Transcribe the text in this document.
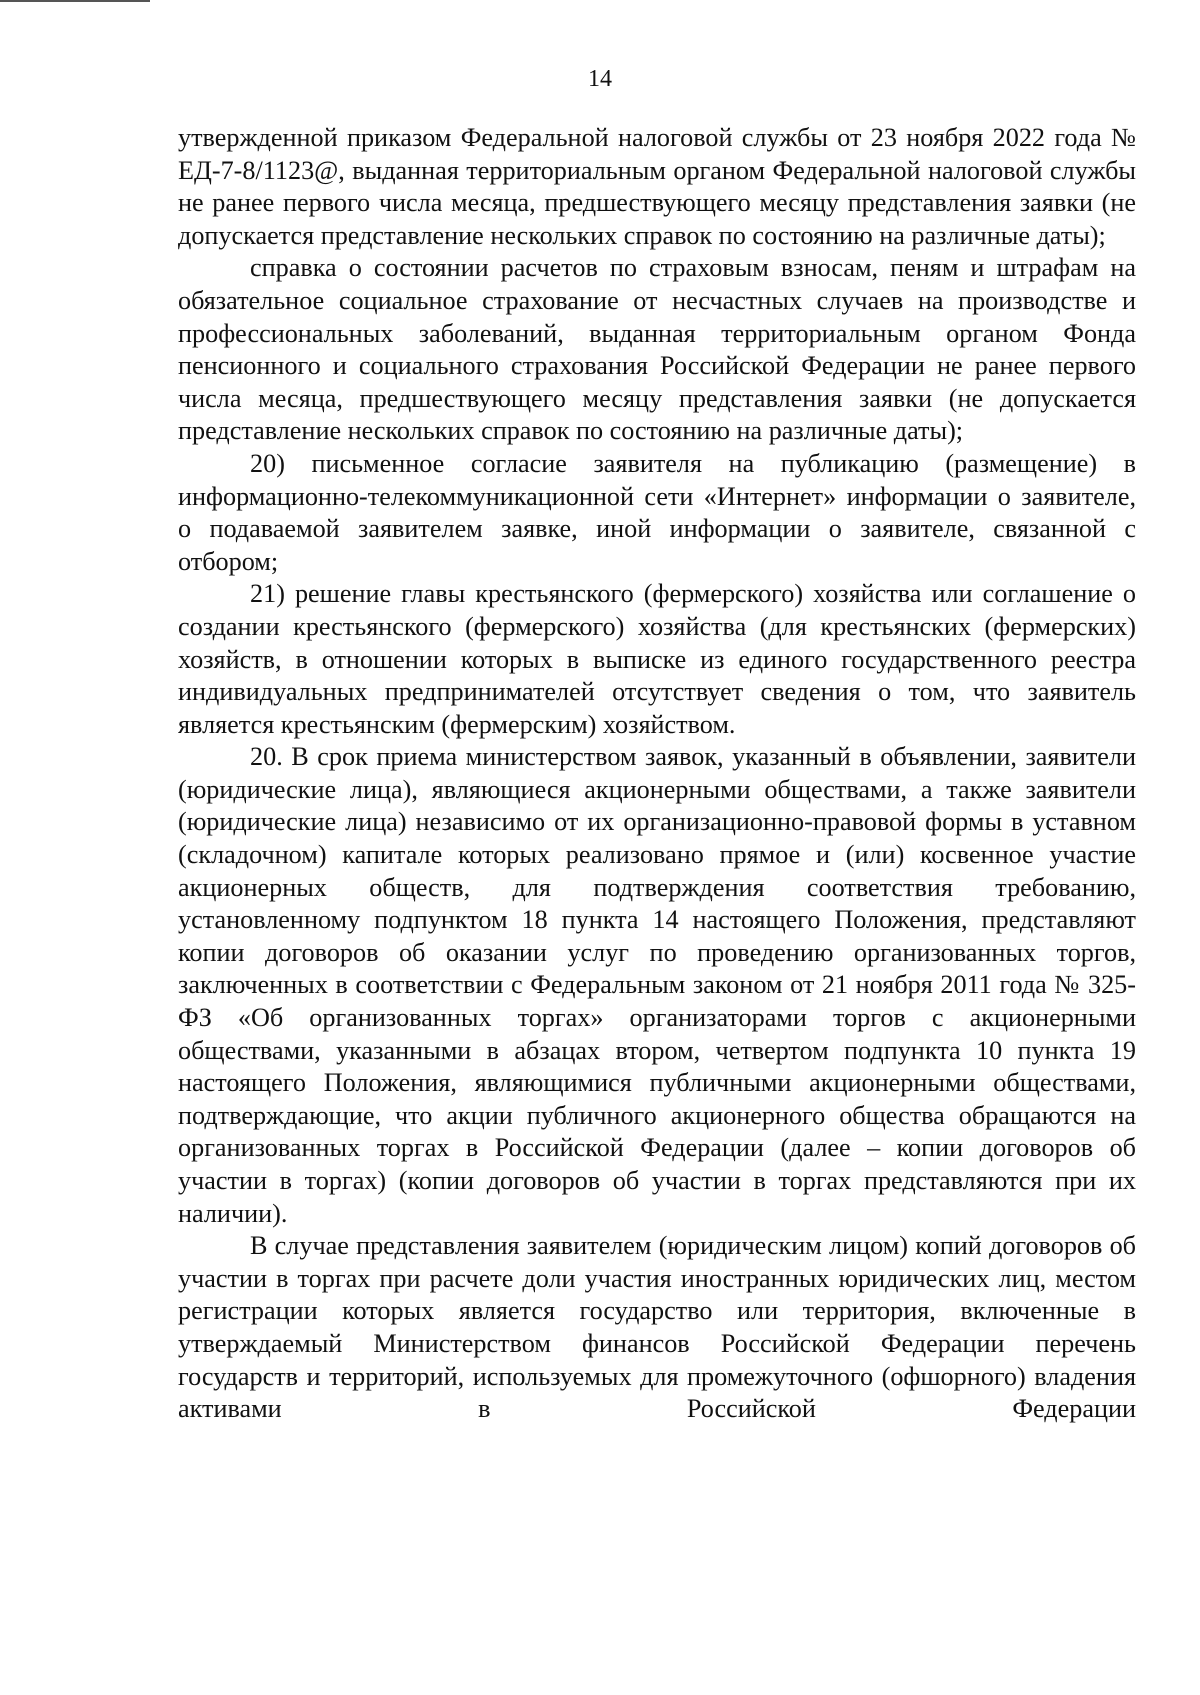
14

утвержденной приказом Федеральной налоговой службы от 23 ноября 2022 года № ЕД-7-8/1123@, выданная территориальным органом Федеральной налоговой службы не ранее первого числа месяца, предшествующего месяцу представления заявки (не допускается представление нескольких справок по состоянию на различные даты);

справка о состоянии расчетов по страховым взносам, пеням и штрафам на обязательное социальное страхование от несчастных случаев на производстве и профессиональных заболеваний, выданная территориальным органом Фонда пенсионного и социального страхования Российской Федерации не ранее первого числа месяца, предшествующего месяцу представления заявки (не допускается представление нескольких справок по состоянию на различные даты);

20) письменное согласие заявителя на публикацию (размещение) в информационно-телекоммуникационной сети «Интернет» информации о заявителе, о подаваемой заявителем заявке, иной информации о заявителе, связанной с отбором;

21) решение главы крестьянского (фермерского) хозяйства или соглашение о создании крестьянского (фермерского) хозяйства (для крестьянских (фермерских) хозяйств, в отношении которых в выписке из единого государственного реестра индивидуальных предпринимателей отсутствует сведения о том, что заявитель является крестьянским (фермерским) хозяйством.

20. В срок приема министерством заявок, указанный в объявлении, заявители (юридические лица), являющиеся акционерными обществами, а также заявители (юридические лица) независимо от их организационно-правовой формы в уставном (складочном) капитале которых реализовано прямое и (или) косвенное участие акционерных обществ, для подтверждения соответствия требованию, установленному подпунктом 18 пункта 14 настоящего Положения, представляют копии договоров об оказании услуг по проведению организованных торгов, заключенных в соответствии с Федеральным законом от 21 ноября 2011 года № 325-ФЗ «Об организованных торгах» организаторами торгов с акционерными обществами, указанными в абзацах втором, четвертом подпункта 10 пункта 19 настоящего Положения, являющимися публичными акционерными обществами, подтверждающие, что акции публичного акционерного общества обращаются на организованных торгах в Российской Федерации (далее – копии договоров об участии в торгах) (копии договоров об участии в торгах представляются при их наличии).

В случае представления заявителем (юридическим лицом) копий договоров об участии в торгах при расчете доли участия иностранных юридических лиц, местом регистрации которых является государство или территория, включенные в утверждаемый Министерством финансов Российской Федерации перечень государств и территорий, используемых для промежуточного (офшорного) владения активами в Российской Федерации
